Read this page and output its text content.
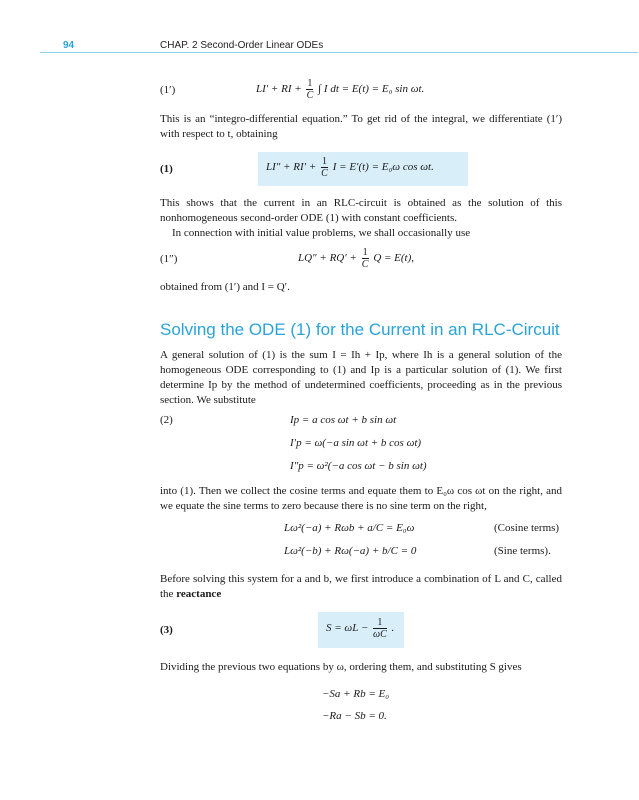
94	CHAP. 2 Second-Order Linear ODEs
(1′)	LI′ + RI + $\frac{1}{C}$ ∫ I dt = E(t) = E₀ sin ωt.
This is an “integro-differential equation.” To get rid of the integral, we differentiate (1′) with respect to t, obtaining
(1)	$LI'' + RI' + \frac{1}{C}$ I = E′(t) = E₀ω cos ωt.
This shows that the current in an RLC-circuit is obtained as the solution of this nonhomogeneous second-order ODE (1) with constant coefficients.
In connection with initial value problems, we shall occasionally use
(1″)	$LQ'' + RQ' + \frac{1}{C}$ Q = E(t),
obtained from (1′) and I = Q′.
Solving the ODE (1) for the Current in an RLC-Circuit
A general solution of (1) is the sum I = Ih + Ip, where Ih is a general solution of the homogeneous ODE corresponding to (1) and Ip is a particular solution of (1). We first determine Ip by the method of undetermined coefficients, proceeding as in the previous section. We substitute
(2)	Ip = a cos ωt + b sin ωt
I′p = ω(−a sin ωt + b cos ωt)
I″p = ω²(−a cos ωt − b sin ωt)
into (1). Then we collect the cosine terms and equate them to E₀ω cos ωt on the right, and we equate the sine terms to zero because there is no sine term on the right,
Lω²(−a) + Rωb + a/C = E₀ω	(Cosine terms)
Lω²(−b) + Rω(−a) + b/C = 0	(Sine terms).
Before solving this system for a and b, we first introduce a combination of L and C, called the reactance
(3)	$S = \omega L - \frac{1}{\omega C}$ .
Dividing the previous two equations by ω, ordering them, and substituting S gives
−Sa + Rb = E₀
−Ra − Sb = 0.
